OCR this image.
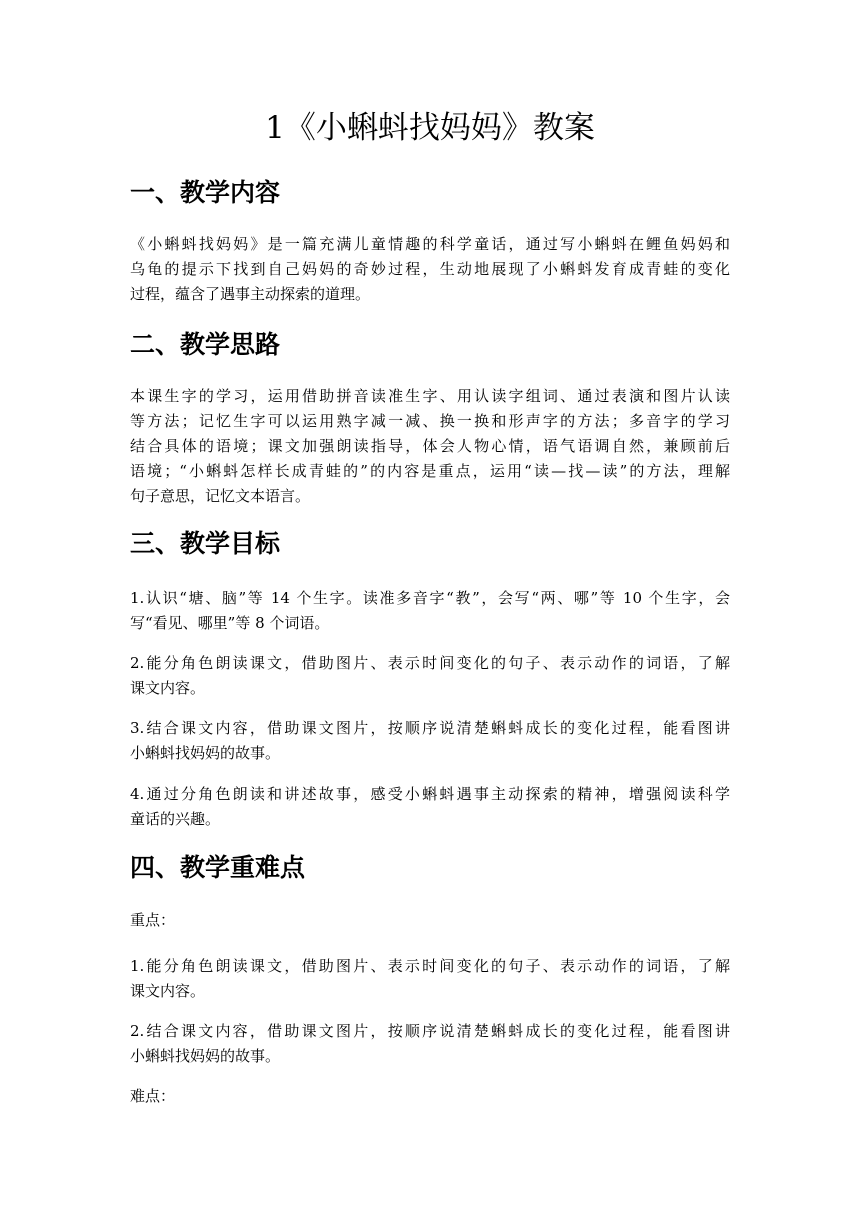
1《小蝌蚪找妈妈》教案
一、教学内容

《小蝌蚪找妈妈》是一篇充满儿童情趣的科学童话，通过写小蝌蚪在鲤鱼妈妈和
乌龟的提示下找到自己妈妈的奇妙过程，生动地展现了小蝌蚪发育成青蛙的变化
过程，蕴含了遇事主动探索的道理。

二、教学思路

本课生字的学习，运用借助拼音读准生字、用认读字组词、通过表演和图片认读
等方法；记忆生字可以运用熟字减一减、换一换和形声字的方法；多音字的学习
结合具体的语境；课文加强朗读指导，体会人物心情，语气语调自然，兼顾前后
语境；“小蝌蚪怎样长成青蛙的”的内容是重点，运用“读—找—读”的方法，理解
句子意思，记忆文本语言。

三、教学目标

1.认识“塘、脑”等 14 个生字。读准多音字“教”，会写“两、哪”等 10 个生字，会
写“看见、哪里”等 8 个词语。

2.能分角色朗读课文，借助图片、表示时间变化的句子、表示动作的词语，了解
课文内容。

3.结合课文内容，借助课文图片，按顺序说清楚蝌蚪成长的变化过程，能看图讲
小蝌蚪找妈妈的故事。

4.通过分角色朗读和讲述故事，感受小蝌蚪遇事主动探索的精神，增强阅读科学
童话的兴趣。

四、教学重难点

重点：

1.能分角色朗读课文，借助图片、表示时间变化的句子、表示动作的词语，了解
课文内容。

2.结合课文内容，借助课文图片，按顺序说清楚蝌蚪成长的变化过程，能看图讲
小蝌蚪找妈妈的故事。

难点：
